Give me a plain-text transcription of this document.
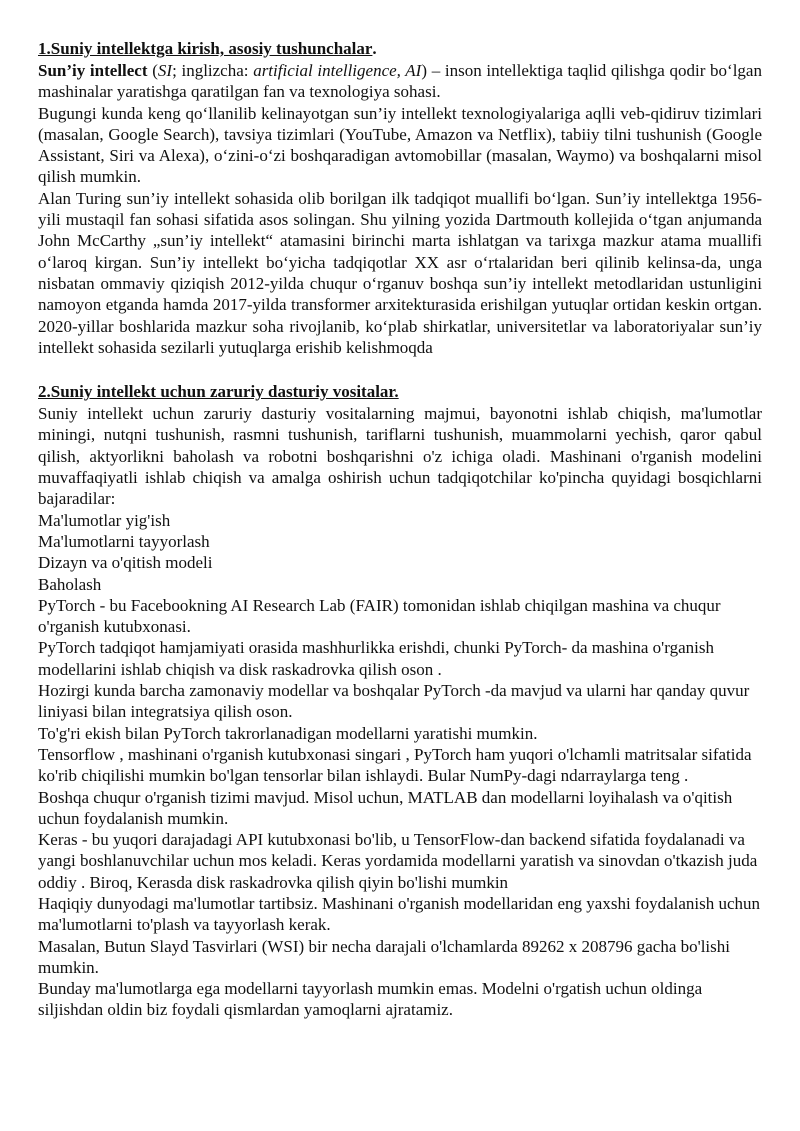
1.Suniy intellektga kirish, asosiy tushunchalar.

Sun’iy intellect (SI; inglizcha: artificial intelligence, AI) – inson intellektiga taqlid qilishga qodir bo‘lgan mashinalar yaratishga qaratilgan fan va texnologiya sohasi.

Bugungi kunda keng qo‘llanilib kelinayotgan sun’iy intellekt texnologiyalariga aqlli veb-qidiruv tizimlari (masalan, Google Search), tavsiya tizimlari (YouTube, Amazon va Netflix), tabiiy tilni tushunish (Google Assistant, Siri va Alexa), o‘zini-o‘zi boshqaradigan avtomobillar (masalan, Waymo) va boshqalarni misol qilish mumkin.

Alan Turing sun’iy intellekt sohasida olib borilgan ilk tadqiqot muallifi bo‘lgan. Sun’iy intellektga 1956-yili mustaqil fan sohasi sifatida asos solingan. Shu yilning yozida Dartmouth kollejida o‘tgan anjumanda John McCarthy „sun’iy intellekt“ atamasini birinchi marta ishlatgan va tarixga mazkur atama muallifi o‘laroq kirgan. Sun’iy intellekt bo‘yicha tadqiqotlar XX asr o‘rtalaridan beri qilinib kelinsa-da, unga nisbatan ommaviy qiziqish 2012-yilda chuqur o‘rganuv boshqa sun’iy intellekt metodlaridan ustunligini namoyon etganda hamda 2017-yilda transformer arxitekturasida erishilgan yutuqlar ortidan keskin ortgan. 2020-yillar boshlarida mazkur soha rivojlanib, ko‘plab shirkatlar, universitetlar va laboratoriyalar sun’iy intellekt sohasida sezilarli yutuqlarga erishib kelishmoqda

2.Suniy intellekt uchun zaruriy dasturiy vositalar.

Suniy intellekt uchun zaruriy dasturiy vositalarning majmui, bayonotni ishlab chiqish, ma'lumotlar miningi, nutqni tushunish, rasmni tushunish, tariflarni tushunish, muammolarni yechish, qaror qabul qilish, aktyorlikni baholash va robotni boshqarishni o'z ichiga oladi. Mashinani o'rganish modelini muvaffaqiyatli ishlab chiqish va amalga oshirish uchun tadqiqotchilar ko'pincha quyidagi bosqichlarni bajaradilar:

Ma'lumotlar yig'ish

Ma'lumotlarni tayyorlash

Dizayn va o'qitish modeli

Baholash

PyTorch - bu Facebookning AI Research Lab (FAIR) tomonidan ishlab chiqilgan mashina va chuqur o'rganish kutubxonasi.

PyTorch tadqiqot hamjamiyati orasida mashhurlikka erishdi, chunki PyTorch- da mashina o'rganish modellarini ishlab chiqish va disk raskadrovka qilish oson .

Hozirgi kunda barcha zamonaviy modellar va boshqalar PyTorch -da mavjud va ularni har qanday quvur liniyasi bilan integratsiya qilish oson.

To'g'ri ekish bilan PyTorch takrorlanadigan modellarni yaratishi mumkin.

Tensorflow , mashinani o'rganish kutubxonasi singari , PyTorch ham yuqori o'lchamli matritsalar sifatida ko'rib chiqilishi mumkin bo'lgan tensorlar bilan ishlaydi. Bular NumPy-dagi ndarraylarga teng .

Boshqa chuqur o'rganish tizimi mavjud. Misol uchun, MATLAB dan modellarni loyihalash va o'qitish uchun foydalanish mumkin.

Keras - bu yuqori darajadagi API kutubxonasi bo'lib, u TensorFlow-dan backend sifatida foydalanadi va yangi boshlanuvchilar uchun mos keladi. Keras yordamida modellarni yaratish va sinovdan o'tkazish juda oddiy . Biroq, Kerasda disk raskadrovka qilish qiyin bo'lishi mumkin

Haqiqiy dunyodagi ma'lumotlar tartibsiz. Mashinani o'rganish modellaridan eng yaxshi foydalanish uchun ma'lumotlarni to'plash va tayyorlash kerak.

Masalan, Butun Slayd Tasvirlari (WSI) bir necha darajali o'lchamlarda 89262 x 208796 gacha bo'lishi mumkin.

Bunday ma'lumotlarga ega modellarni tayyorlash mumkin emas. Modelni o'rgatish uchun oldinga siljishdan oldin biz foydali qismlardan yamoqlarni ajratamiz.
